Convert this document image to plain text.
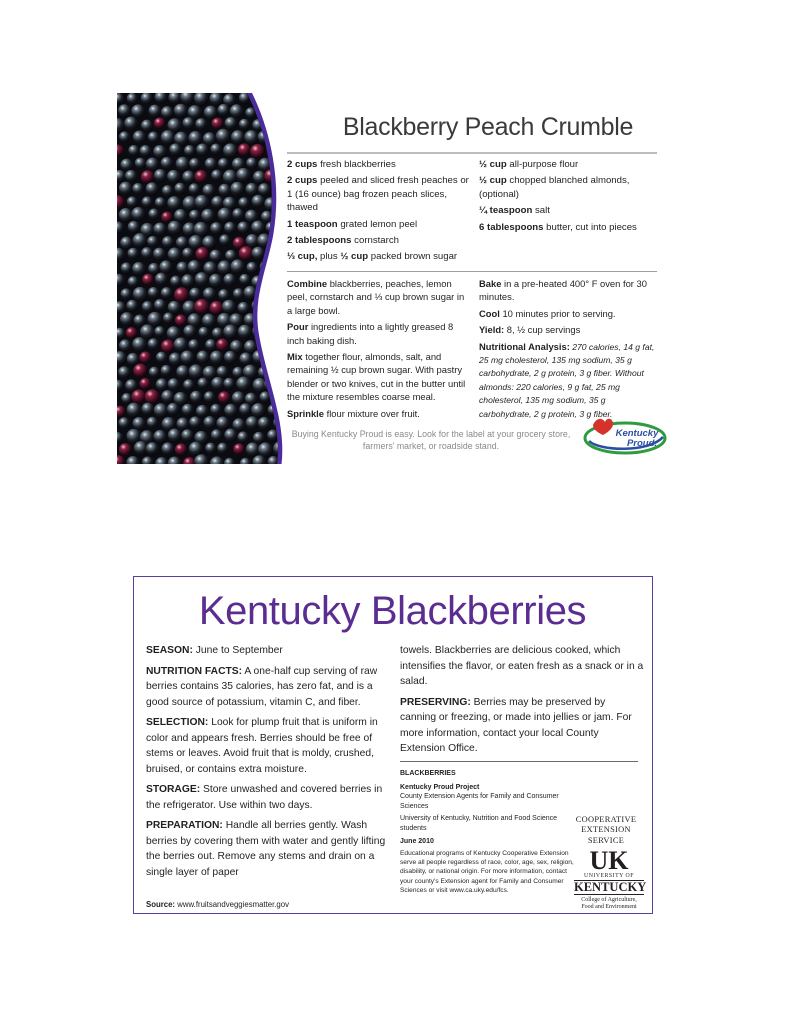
Blackberry Peach Crumble
2 cups fresh blackberries
2 cups peeled and sliced fresh peaches or 1 (16 ounce) bag frozen peach slices, thawed
1 teaspoon grated lemon peel
2 tablespoons cornstarch
⅓ cup, plus ½ cup packed brown sugar
½ cup all-purpose flour
½ cup chopped blanched almonds, (optional)
¼ teaspoon salt
6 tablespoons butter, cut into pieces
Combine blackberries, peaches, lemon peel, cornstarch and ⅓ cup brown sugar in a large bowl.
Pour ingredients into a lightly greased 8 inch baking dish.
Mix together flour, almonds, salt, and remaining ½ cup brown sugar. With pastry blender or two knives, cut in the butter until the mixture resembles coarse meal.
Sprinkle flour mixture over fruit.
Bake in a pre-heated 400° F oven for 30 minutes.
Cool 10 minutes prior to serving.
Yield: 8, ½ cup servings
Nutritional Analysis: 270 calories, 14 g fat, 25 mg cholesterol, 135 mg sodium, 35 g carbohydrate, 2 g protein, 3 g fiber. Without almonds: 220 calories, 9 g fat, 25 mg cholesterol, 135 mg sodium, 35 g carbohydrate, 2 g protein, 3 g fiber.
Buying Kentucky Proud is easy. Look for the label at your grocery store, farmers' market, or roadside stand.
Kentucky
Proud.
Kentucky Blackberries
SEASON: June to September
NUTRITION FACTS: A one-half cup serving of raw berries contains 35 calories, has zero fat, and is a good source of potassium, vitamin C, and fiber.
SELECTION: Look for plump fruit that is uniform in color and appears fresh. Berries should be free of stems or leaves. Avoid fruit that is moldy, crushed, bruised, or contains extra moisture.
STORAGE: Store unwashed and covered berries in the refrigerator. Use within two days.
PREPARATION: Handle all berries gently. Wash berries by covering them with water and gently lifting the berries out. Remove any stems and drain on a single layer of paper
towels. Blackberries are delicious cooked, which intensifies the flavor, or eaten fresh as a snack or in a salad.
PRESERVING: Berries may be preserved by canning or freezing, or made into jellies or jam. For more information, contact your local County Extension Office.
BLACKBERRIES
Kentucky Proud Project
County Extension Agents for Family and Consumer Sciences
University of Kentucky, Nutrition and Food Science students
June 2010
Educational programs of Kentucky Cooperative Extension serve all people regardless of race, color, age, sex, religion, disability, or national origin. For more information, contact your county's Extension agent for Family and Consumer Sciences or visit www.ca.uky.edu/fcs.
COOPERATIVE
EXTENSION
SERVICE
UK
UNIVERSITY OF
KENTUCKY
College of Agriculture,
Food and Environment
Source: www.fruitsandveggiesmatter.gov
